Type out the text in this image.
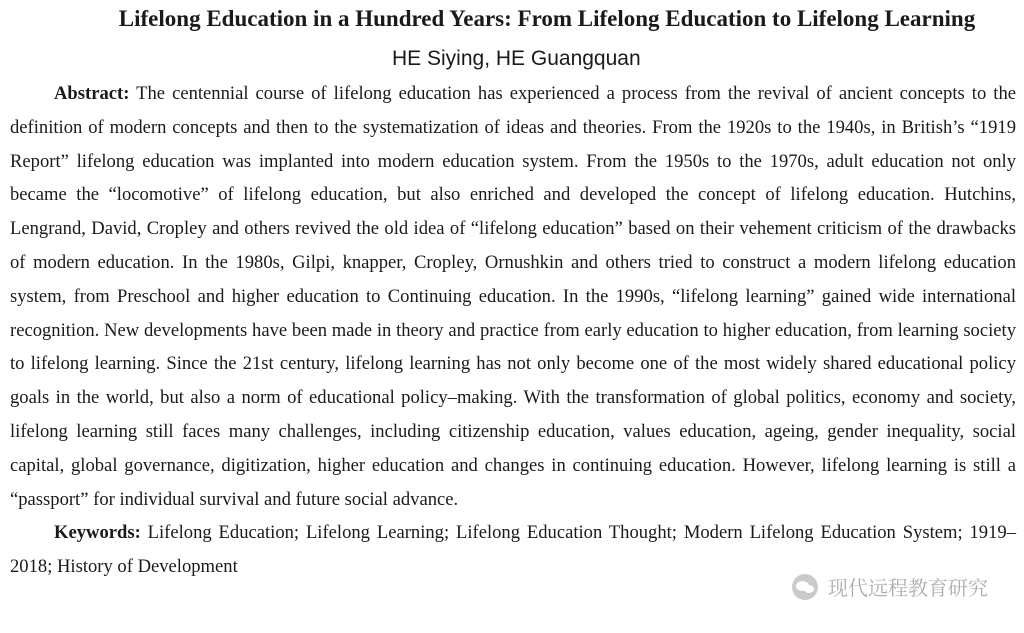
Lifelong Education in a Hundred Years: From Lifelong Education to Lifelong Learning
HE Siying, HE Guangquan

Abstract: The centennial course of lifelong education has experienced a process from the revival of ancient concepts to the definition of modern concepts and then to the systematization of ideas and theories. From the 1920s to the 1940s, in British’s “1919 Report” lifelong education was implanted into modern education system. From the 1950s to the 1970s, adult education not only became the “locomotive” of lifelong education, but also enriched and developed the concept of lifelong education. Hutchins, Lengrand, David, Cropley and others revived the old idea of “lifelong education” based on their vehement criticism of the drawbacks of modern education. In the 1980s, Gilpi, knapper, Cropley, Ornushkin and others tried to construct a modern lifelong education system, from Preschool and higher education to Continuing education. In the 1990s, “lifelong learning” gained wide international recognition. New developments have been made in theory and practice from early education to higher education, from learning society to lifelong learning. Since the 21st century, lifelong learning has not only become one of the most widely shared educational policy goals in the world, but also a norm of educational policy–making. With the transformation of global politics, economy and society, lifelong learning still faces many challenges, including citizenship education, values education, ageing, gender inequality, social capital, global governance, digitization, higher education and changes in continuing education. However, lifelong learning is still a “passport” for individual survival and future social advance.

Keywords: Lifelong Education; Lifelong Learning; Lifelong Education Thought; Modern Lifelong Education System; 1919–2018; History of Development

现代远程教育研究
